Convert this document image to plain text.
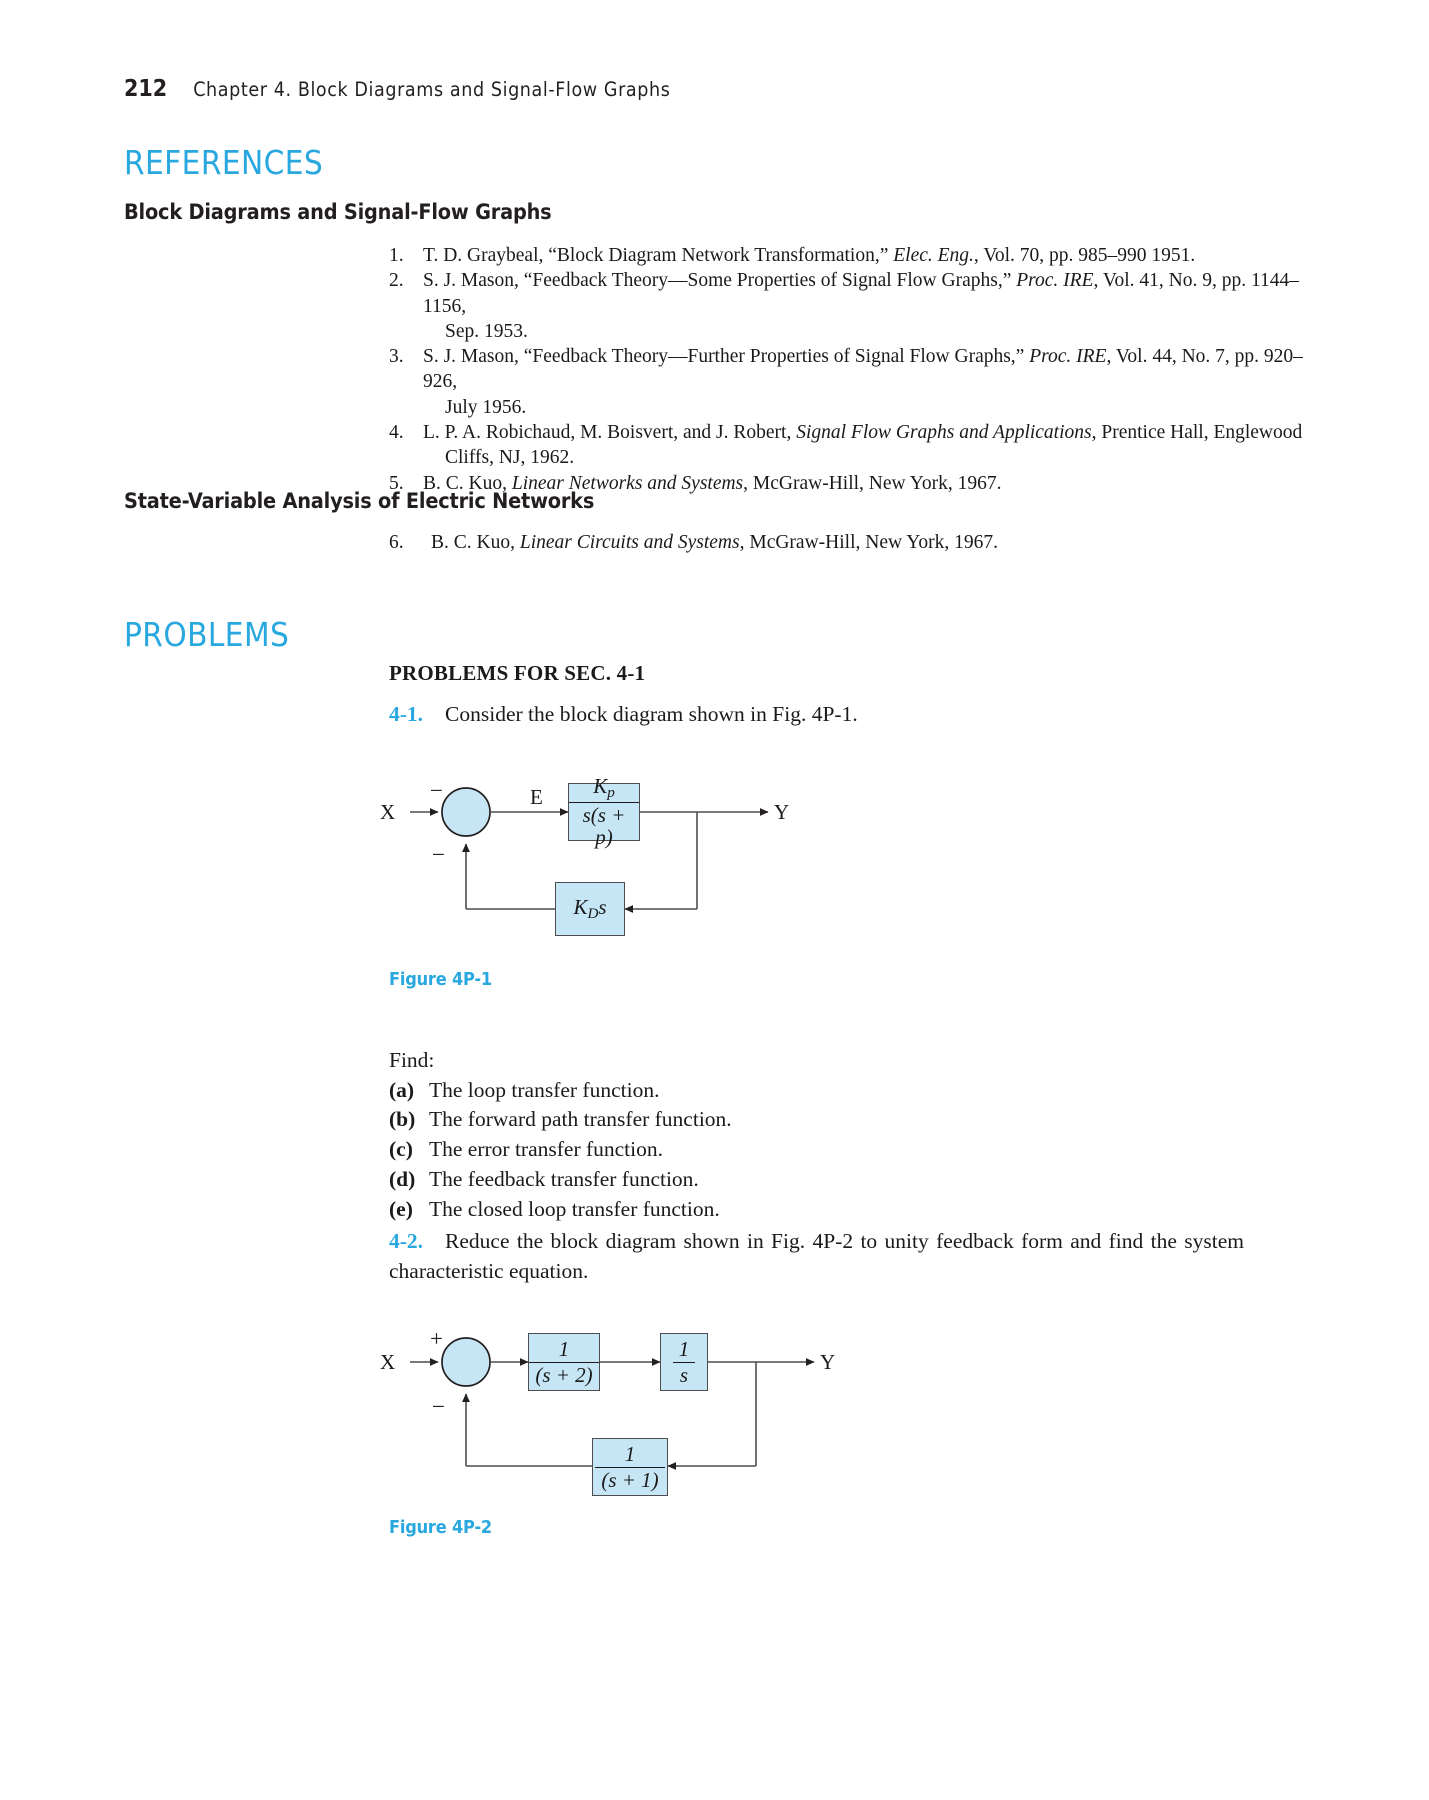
212 Chapter 4. Block Diagrams and Signal-Flow Graphs
REFERENCES
Block Diagrams and Signal-Flow Graphs
1. T. D. Graybeal, “Block Diagram Network Transformation,” Elec. Eng., Vol. 70, pp. 985–990 1951.
2. S. J. Mason, “Feedback Theory—Some Properties of Signal Flow Graphs,” Proc. IRE, Vol. 41, No. 9, pp. 1144–1156,
Sep. 1953.
3. S. J. Mason, “Feedback Theory—Further Properties of Signal Flow Graphs,” Proc. IRE, Vol. 44, No. 7, pp. 920–926,
July 1956.
4. L. P. A. Robichaud, M. Boisvert, and J. Robert, Signal Flow Graphs and Applications, Prentice Hall, Englewood
Cliffs, NJ, 1962.
5. B. C. Kuo, Linear Networks and Systems, McGraw-Hill, New York, 1967.
State-Variable Analysis of Electric Networks
6.	B. C. Kuo, Linear Circuits and Systems, McGraw-Hill, New York, 1967.
PROBLEMS
PROBLEMS FOR SEC. 4-1
4-1. Consider the block diagram shown in Fig. 4P-1.
$\frac{K_p}{s(s + p)}$
$K_Ds$
X	Y
E
−
−
Figure 4P-1
Find:
(a) The loop transfer function.
(b) The forward path transfer function.
(c) The error transfer function.
(d) The feedback transfer function.
(e) The closed loop transfer function.
4-2. Reduce the block diagram shown in Fig. 4P-2 to unity feedback form and find the system characteristic equation.
$\frac{1}{(s + 2)}$	$\frac{1}{s}$
$\frac{1}{(s + 1)}$
X	Y
+
−
Figure 4P-2
